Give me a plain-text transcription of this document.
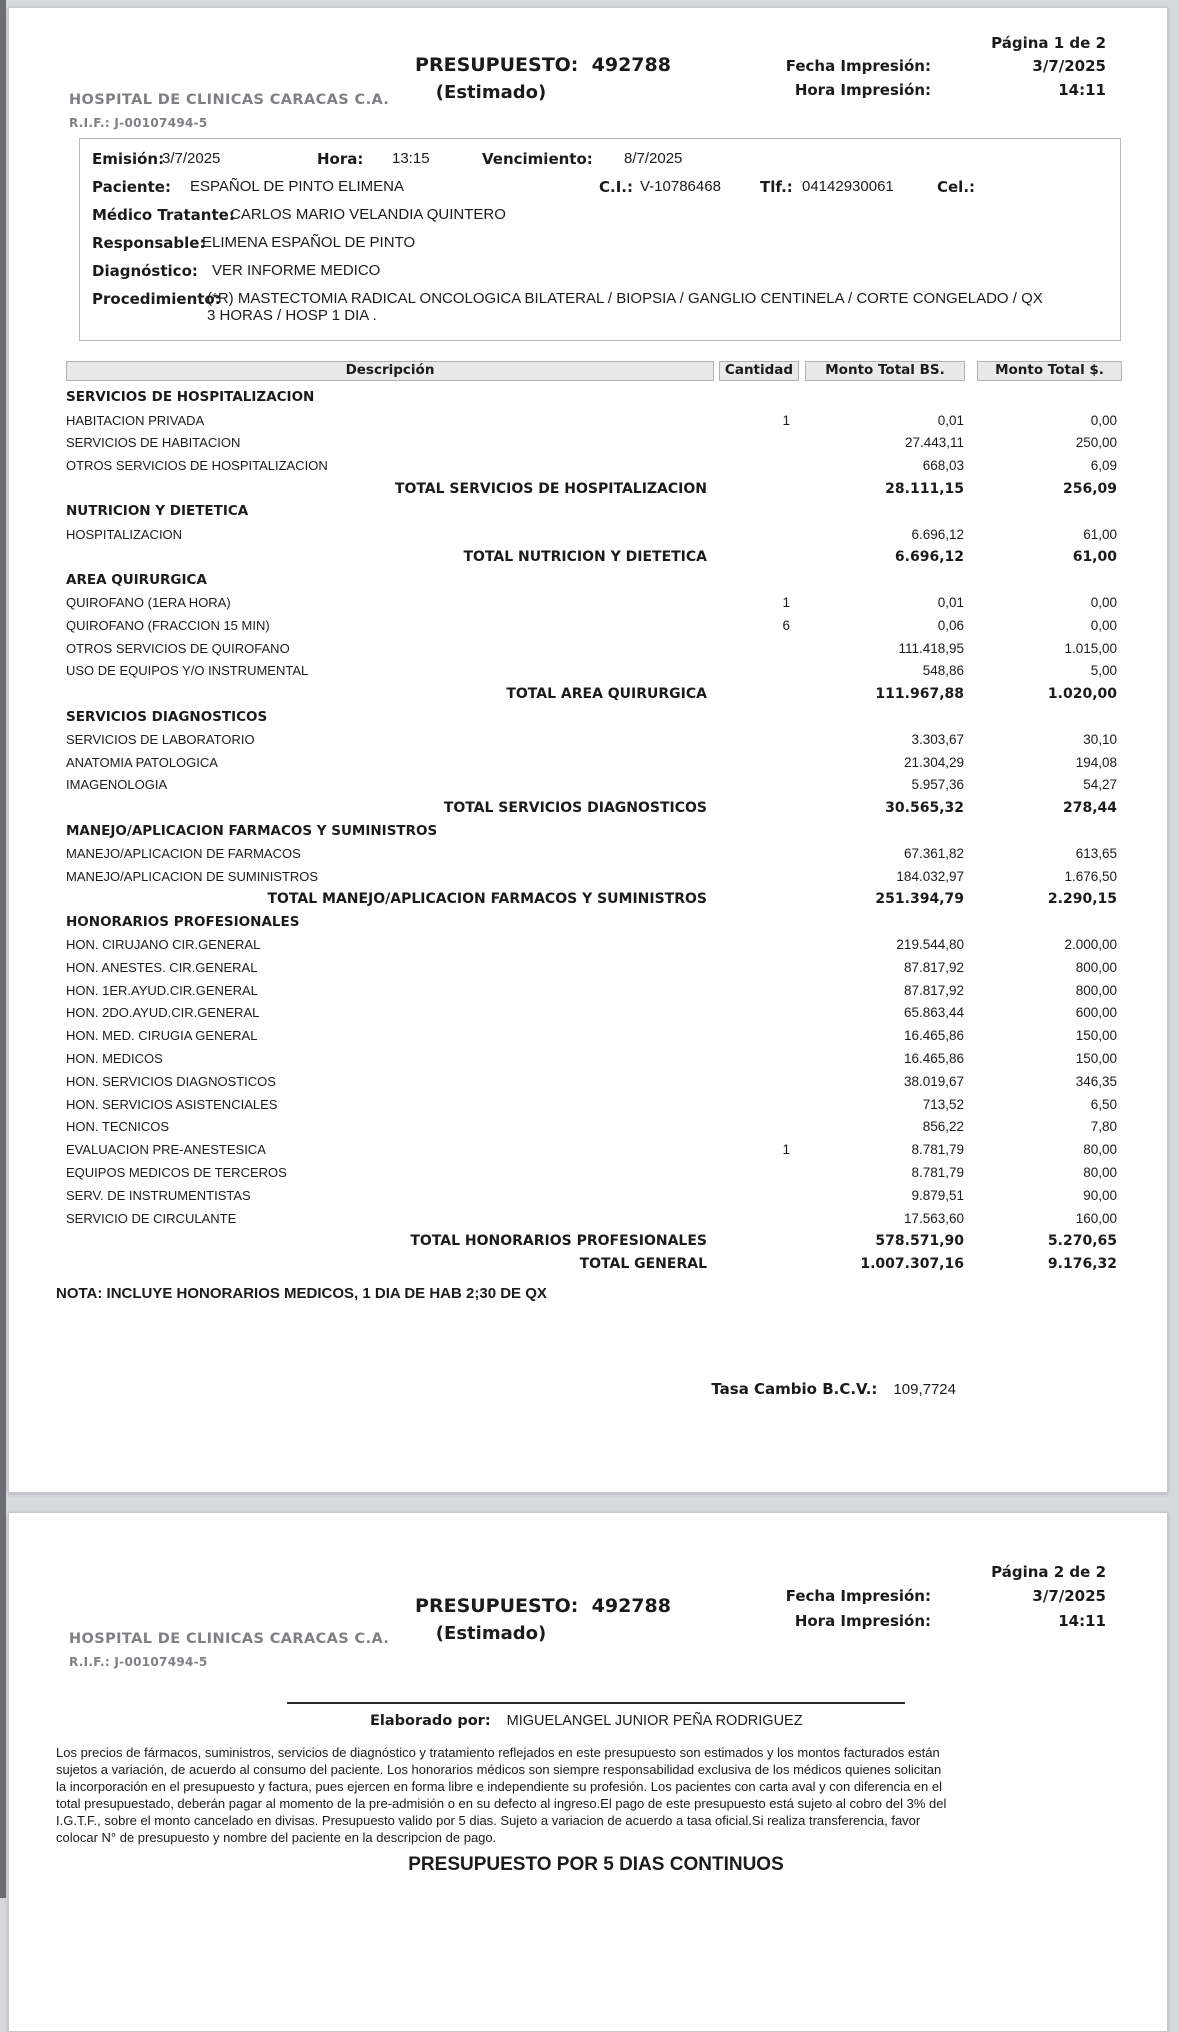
Página 1 de 2
Fecha Impresión:	3/7/2025
Hora Impresión:	14:11
PRESUPUESTO: 492788
(Estimado)
HOSPITAL DE CLINICAS CARACAS C.A.
R.I.F.: J-00107494-5
Emisión:
3/7/2025	Hora: 13:15	Vencimiento: 8/7/2025
Paciente: ESPAÑOL DE PINTO ELIMENA	C.I.: V-10786468	Tlf.: 04142930061	Cel.:
Médico Tratante:
CARLOS MARIO VELANDIA QUINTERO
Responsable:
ELIMENA ESPAÑOL DE PINTO
Diagnóstico: VER INFORME MEDICO
Procedimiento:
(*R) MASTECTOMIA RADICAL ONCOLOGICA BILATERAL / BIOPSIA / GANGLIO CENTINELA / CORTE CONGELADO / QX
3 HORAS / HOSP 1 DIA .
Descripción	Cantidad	Monto Total BS.	Monto Total $.
SERVICIOS DE HOSPITALIZACION
HABITACION PRIVADA	1	0,01	0,00
SERVICIOS DE HABITACION	27.443,11	250,00
OTROS SERVICIOS DE HOSPITALIZACION	668,03	6,09
TOTAL SERVICIOS DE HOSPITALIZACION	28.111,15	256,09
NUTRICION Y DIETETICA
HOSPITALIZACION	6.696,12	61,00
TOTAL NUTRICION Y DIETETICA	6.696,12	61,00
AREA QUIRURGICA
QUIROFANO (1ERA HORA)	1	0,01	0,00
QUIROFANO (FRACCION 15 MIN)	6	0,06	0,00
OTROS SERVICIOS DE QUIROFANO	111.418,95	1.015,00
USO DE EQUIPOS Y/O INSTRUMENTAL	548,86	5,00
TOTAL AREA QUIRURGICA	111.967,88	1.020,00
SERVICIOS DIAGNOSTICOS
SERVICIOS DE LABORATORIO	3.303,67	30,10
ANATOMIA PATOLOGICA	21.304,29	194,08
IMAGENOLOGIA	5.957,36	54,27
TOTAL SERVICIOS DIAGNOSTICOS	30.565,32	278,44
MANEJO/APLICACION FARMACOS Y SUMINISTROS
MANEJO/APLICACION DE FARMACOS	67.361,82	613,65
MANEJO/APLICACION DE SUMINISTROS	184.032,97	1.676,50
TOTAL MANEJO/APLICACION FARMACOS Y SUMINISTROS	251.394,79	2.290,15
HONORARIOS PROFESIONALES
HON. CIRUJANO CIR.GENERAL	219.544,80	2.000,00
HON. ANESTES. CIR.GENERAL	87.817,92	800,00
HON. 1ER.AYUD.CIR.GENERAL	87.817,92	800,00
HON. 2DO.AYUD.CIR.GENERAL	65.863,44	600,00
HON. MED. CIRUGIA GENERAL	16.465,86	150,00
HON. MEDICOS	16.465,86	150,00
HON. SERVICIOS DIAGNOSTICOS	38.019,67	346,35
HON. SERVICIOS ASISTENCIALES	713,52	6,50
HON. TECNICOS	856,22	7,80
EVALUACION PRE-ANESTESICA	1	8.781,79	80,00
EQUIPOS MEDICOS DE TERCEROS	8.781,79	80,00
SERV. DE INSTRUMENTISTAS	9.879,51	90,00
SERVICIO DE CIRCULANTE	17.563,60	160,00
TOTAL HONORARIOS PROFESIONALES	578.571,90	5.270,65
TOTAL GENERAL	1.007.307,16	9.176,32
NOTA: INCLUYE HONORARIOS MEDICOS, 1 DIA DE HAB 2;30 DE QX
Tasa Cambio B.C.V.: 109,7724
Página 2 de 2
Fecha Impresión:	3/7/2025
Hora Impresión:	14:11
PRESUPUESTO: 492788
(Estimado)
HOSPITAL DE CLINICAS CARACAS C.A.
R.I.F.: J-00107494-5
Elaborado por: MIGUELANGEL JUNIOR PEÑA RODRIGUEZ
Los precios de fármacos, suministros, servicios de diagnóstico y tratamiento reflejados en este presupuesto son estimados y los montos facturados están
sujetos a variación, de acuerdo al consumo del paciente. Los honorarios médicos son siempre responsabilidad exclusiva de los médicos quienes solicitan
la incorporación en el presupuesto y factura, pues ejercen en forma libre e independiente su profesión. Los pacientes con carta aval y con diferencia en el
total presupuestado, deberán pagar al momento de la pre-admisión o en su defecto al ingreso.El pago de este presupuesto está sujeto al cobro del 3% del
I.G.T.F., sobre el monto cancelado en divisas. Presupuesto valido por 5 dias. Sujeto a variacion de acuerdo a tasa oficial.Si realiza transferencia, favor
colocar N° de presupuesto y nombre del paciente en la descripcion de pago.
PRESUPUESTO POR 5 DIAS CONTINUOS
